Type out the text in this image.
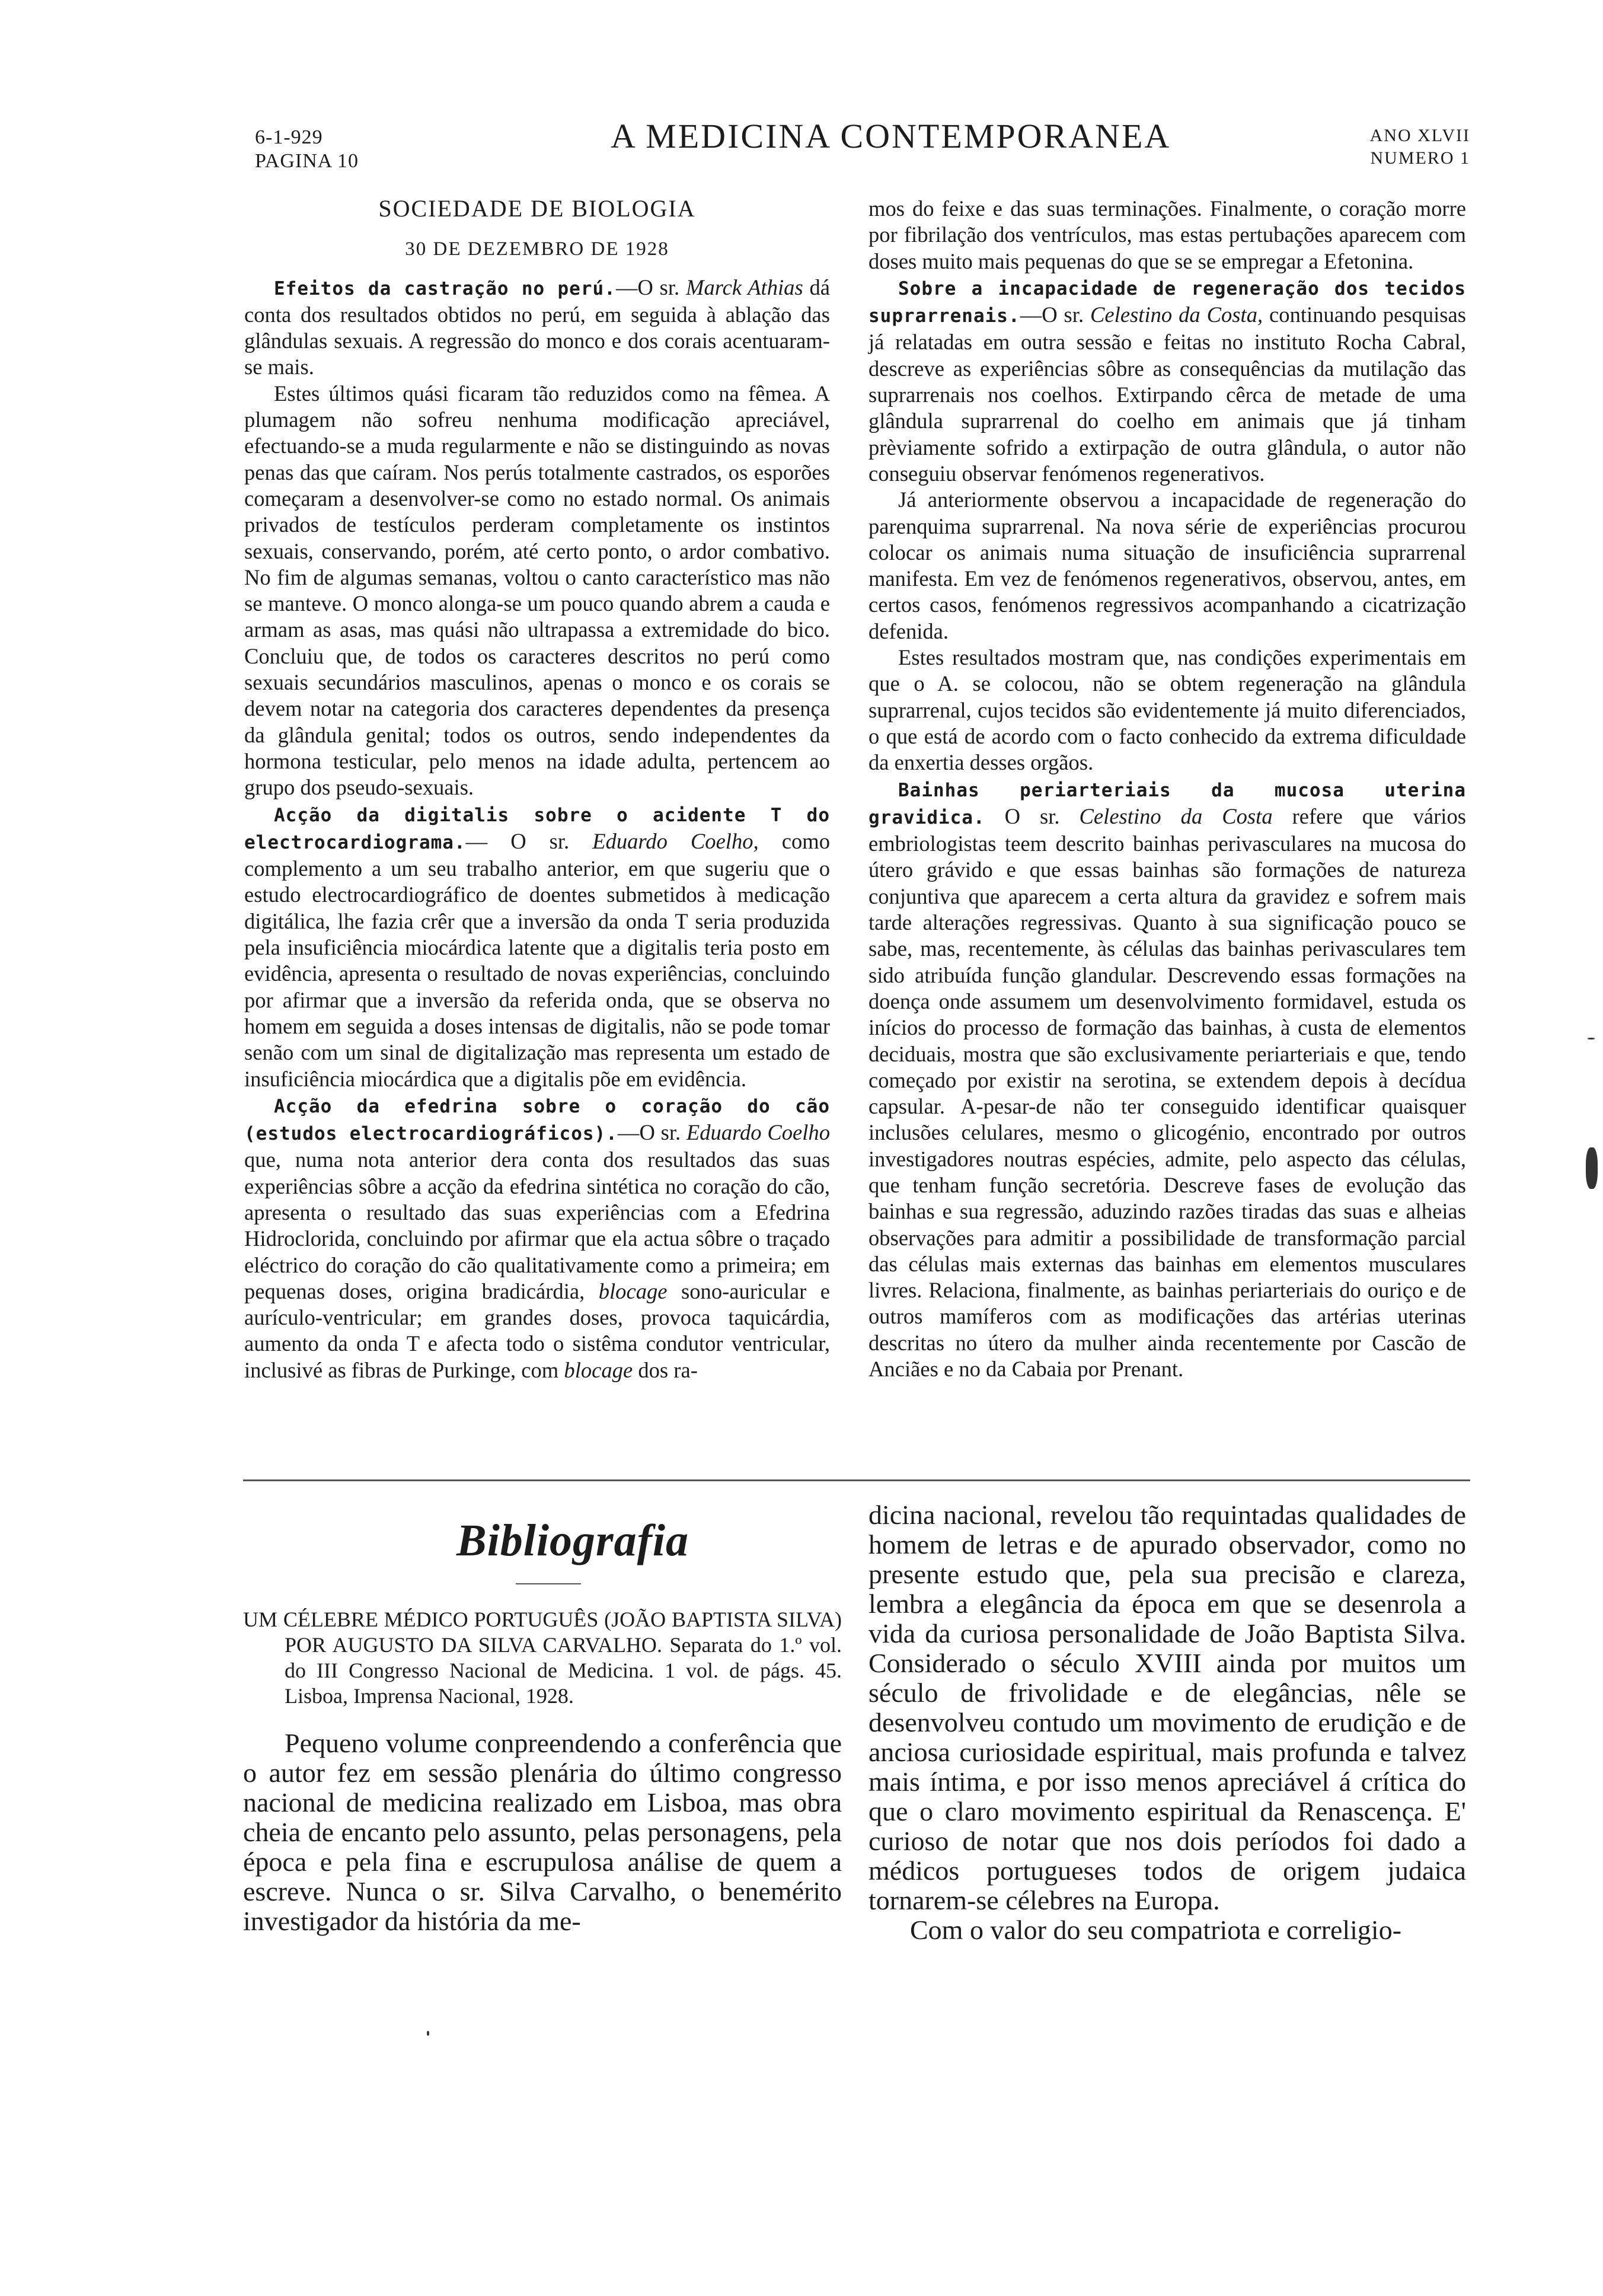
6-1-929
PAGINA 10
A MEDICINA CONTEMPORANEA	ANO XLVII
NUMERO 1
SOCIEDADE DE BIOLOGIA
30 DE DEZEMBRO DE 1928

Efeitos da castração no perú.—O sr. Marck Athias dá conta dos resultados obtidos no perú, em seguida à ablação das glândulas sexuais. A regressão do monco e dos corais acentuaram-se mais.

Estes últimos quási ficaram tão reduzidos como na fêmea. A plumagem não sofreu nenhuma modificação apreciável, efectuando-se a muda regularmente e não se distinguindo as novas penas das que caíram. Nos perús totalmente castrados, os esporões começaram a desenvolver-se como no estado normal. Os animais privados de testículos perderam completamente os instintos sexuais, conservando, porém, até certo ponto, o ardor combativo. No fim de algumas semanas, voltou o canto característico mas não se manteve. O monco alonga-se um pouco quando abrem a cauda e armam as asas, mas quási não ultrapassa a extremidade do bico. Concluiu que, de todos os caracteres descritos no perú como sexuais secundários masculinos, apenas o monco e os corais se devem notar na categoria dos caracteres dependentes da presença da glândula genital; todos os outros, sendo independentes da hormona testicular, pelo menos na idade adulta, pertencem ao grupo dos pseudo-sexuais.

Acção da digitalis sobre o acidente T do electrocardiograma.— O sr. Eduardo Coelho, como complemento a um seu trabalho anterior, em que sugeriu que o estudo electrocardiográfico de doentes submetidos à medicação digitálica, lhe fazia crêr que a inversão da onda T seria produzida pela insuficiência miocárdica latente que a digitalis teria posto em evidência, apresenta o resultado de novas experiências, concluindo por afirmar que a inversão da referida onda, que se observa no homem em seguida a doses intensas de digitalis, não se pode tomar senão com um sinal de digitalização mas representa um estado de insuficiência miocárdica que a digitalis põe em evidência.

Acção da efedrina sobre o coração do cão (estudos electrocardiográficos).—O sr. Eduardo Coelho que, numa nota anterior dera conta dos resultados das suas experiências sôbre a acção da efedrina sintética no coração do cão, apresenta o resultado das suas experiências com a Efedrina Hidroclorida, concluindo por afirmar que ela actua sôbre o traçado eléctrico do coração do cão qualitativamente como a primeira; em pequenas doses, origina bradicárdia, blocage sono-auricular e aurículo-ventricular; em grandes doses, provoca taquicárdia, aumento da onda T e afecta todo o sistêma condutor ventricular, inclusivé as fibras de Purkinge, com blocage dos ra-

mos do feixe e das suas terminações. Finalmente, o coração morre por fibrilação dos ventrículos, mas estas pertubações aparecem com doses muito mais pequenas do que se se empregar a Efetonina.

Sobre a incapacidade de regeneração dos tecidos suprarrenais.—O sr. Celestino da Costa, continuando pesquisas já relatadas em outra sessão e feitas no instituto Rocha Cabral, descreve as experiências sôbre as consequências da mutilação das suprarrenais nos coelhos. Extirpando cêrca de metade de uma glândula suprarrenal do coelho em animais que já tinham prèviamente sofrido a extirpação de outra glândula, o autor não conseguiu observar fenómenos regenerativos.

Já anteriormente observou a incapacidade de regeneração do parenquima suprarrenal. Na nova série de experiências procurou colocar os animais numa situação de insuficiência suprarrenal manifesta. Em vez de fenómenos regenerativos, observou, antes, em certos casos, fenómenos regressivos acompanhando a cicatrização defenida.

Estes resultados mostram que, nas condições experimentais em que o A. se colocou, não se obtem regeneração na glândula suprarrenal, cujos tecidos são evidentemente já muito diferenciados, o que está de acordo com o facto conhecido da extrema dificuldade da enxertia desses orgãos.

Bainhas periarteriais da mucosa uterina gravidica. O sr. Celestino da Costa refere que vários embriologistas teem descrito bainhas perivasculares na mucosa do útero grávido e que essas bainhas são formações de natureza conjuntiva que aparecem a certa altura da gravidez e sofrem mais tarde alterações regressivas. Quanto à sua significação pouco se sabe, mas, recentemente, às células das bainhas perivasculares tem sido atribuída função glandular. Descrevendo essas formações na doença onde assumem um desenvolvimento formidavel, estuda os inícios do processo de formação das bainhas, à custa de elementos deciduais, mostra que são exclusivamente periarteriais e que, tendo começado por existir na serotina, se extendem depois à decídua capsular. A-pesar-de não ter conseguido identificar quaisquer inclusões celulares, mesmo o glicogénio, encontrado por outros investigadores noutras espécies, admite, pelo aspecto das células, que tenham função secretória. Descreve fases de evolução das bainhas e sua regressão, aduzindo razões tiradas das suas e alheias observações para admitir a possibilidade de transformação parcial das células mais externas das bainhas em elementos musculares livres. Relaciona, finalmente, as bainhas periarteriais do ouriço e de outros mamíferos com as modificações das artérias uterinas descritas no útero da mulher ainda recentemente por Cascão de Anciães e no da Cabaia por Prenant.

Bibliografia
UM CÉLEBRE MÉDICO PORTUGUÊS (JOÃO BAPTISTA SILVA) POR AUGUSTO DA SILVA CARVALHO. Separata do 1.º vol. do III Congresso Nacional de Medicina. 1 vol. de págs. 45. Lisboa, Imprensa Nacional, 1928.

Pequeno volume conpreendendo a conferência que o autor fez em sessão plenária do último congresso nacional de medicina realizado em Lisboa, mas obra cheia de encanto pelo assunto, pelas personagens, pela época e pela fina e escrupulosa análise de quem a escreve. Nunca o sr. Silva Carvalho, o benemérito investigador da história da me-

dicina nacional, revelou tão requintadas qualidades de homem de letras e de apurado observador, como no presente estudo que, pela sua precisão e clareza, lembra a elegância da época em que se desenrola a vida da curiosa personalidade de João Baptista Silva. Considerado o século XVIII ainda por muitos um século de frivolidade e de elegâncias, nêle se desenvolveu contudo um movimento de erudição e de anciosa curiosidade espiritual, mais profunda e talvez mais íntima, e por isso menos apreciável á crítica do que o claro movimento espiritual da Renascença. E' curioso de notar que nos dois períodos foi dado a médicos portugueses todos de origem judaica tornarem-se célebres na Europa.

Com o valor do seu compatriota e correligio-
